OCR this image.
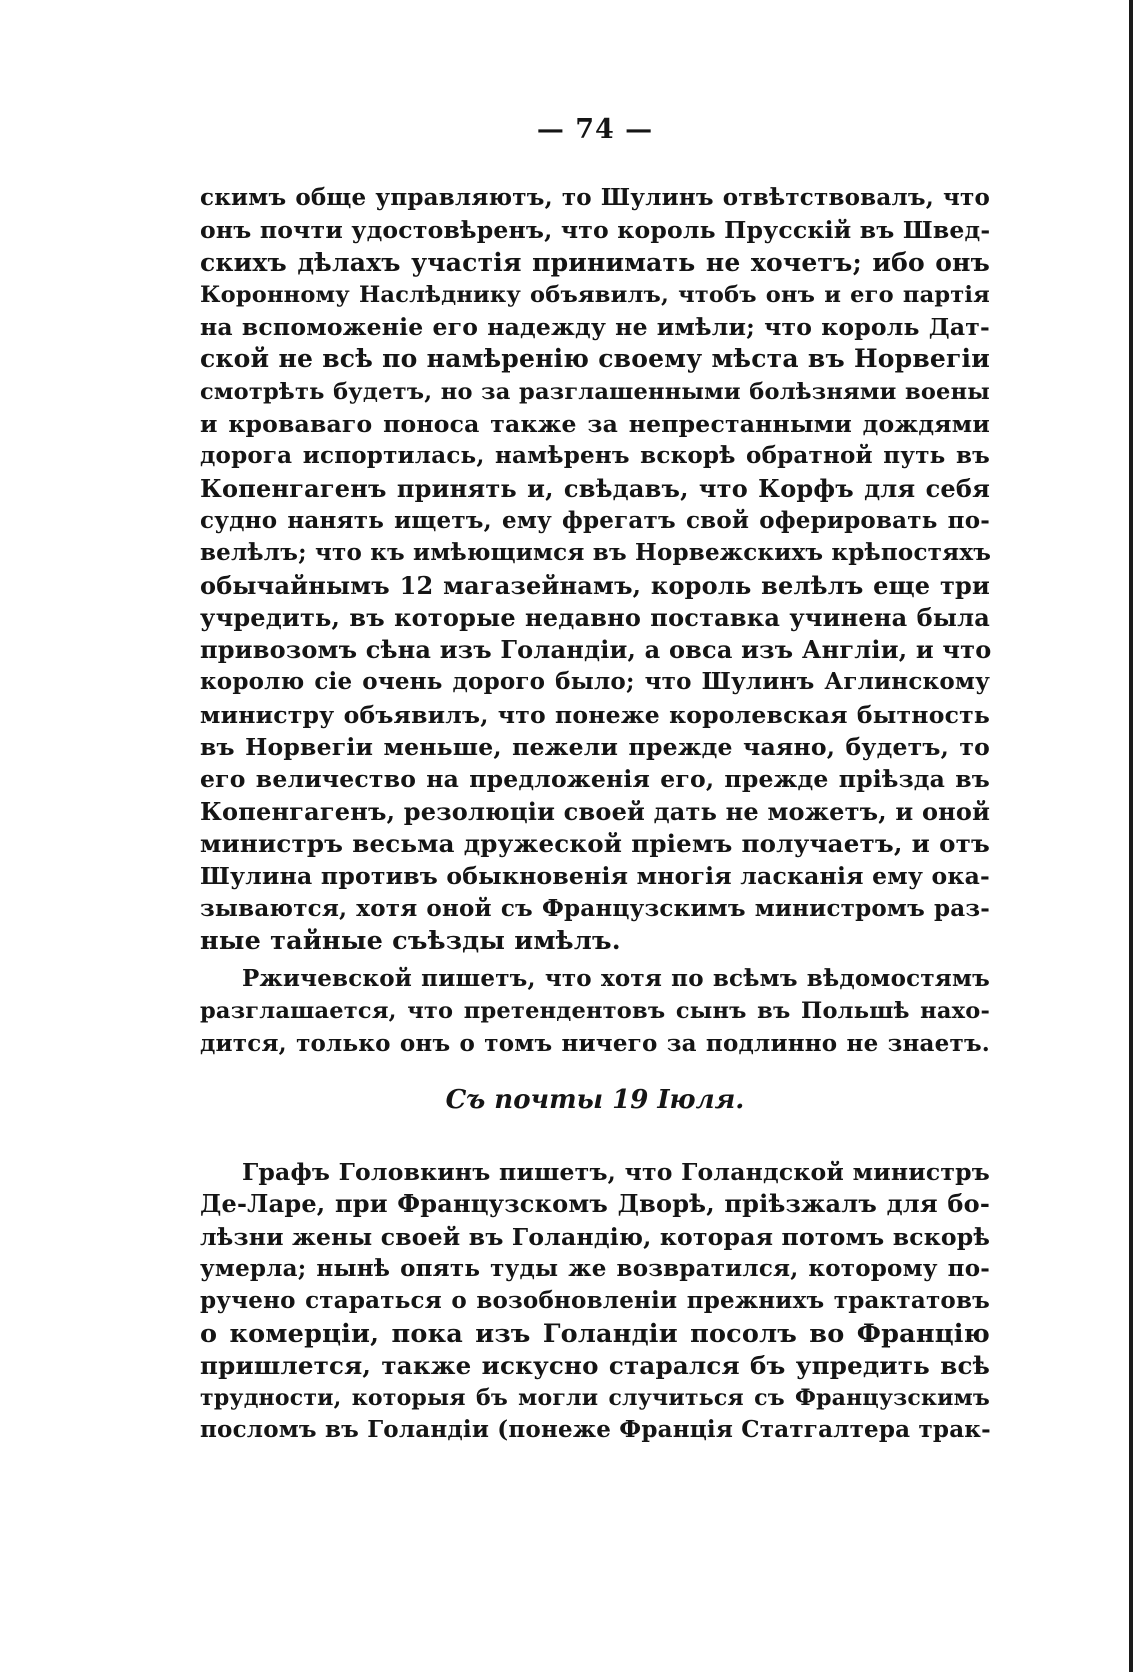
— 74 —
скимъ обще управляютъ, то Шулинъ отвѣтствовалъ, что
онъ почти удостовѣренъ, что король Прусскій въ Швед-
скихъ дѣлахъ участія принимать не хочетъ; ибо онъ
Коронному Наслѣднику объявилъ, чтобъ онъ и его партія
на вспоможеніе его надежду не имѣли; что король Дат-
ской не всѣ по намѣренію своему мѣста въ Норвегіи
смотрѣть будетъ, но за разглашенными болѣзнями воены
и кроваваго поноса также за непрестанными дождями
дорога испортилась, намѣренъ вскорѣ обратной путь въ
Копенгагенъ принять и, свѣдавъ, что Корфъ для себя
судно нанять ищетъ, ему фрегатъ свой оферировать по-
велѣлъ; что къ имѣющимся въ Норвежскихъ крѣпостяхъ
обычайнымъ 12 магазейнамъ, король велѣлъ еще три
учредить, въ которые недавно поставка учинена была
привозомъ сѣна изъ Голандіи, а овса изъ Англіи, и что
королю сіе очень дорого было; что Шулинъ Аглинскому
министру объявилъ, что понеже королевская бытность
въ Норвегіи меньше, пежели прежде чаяно, будетъ, то
его величество на предложенія его, прежде пріѣзда въ
Копенгагенъ, резолюціи своей дать не можетъ, и оной
министръ весьма дружеской пріемъ получаетъ, и отъ
Шулина противъ обыкновенія многія ласканія ему ока-
зываются, хотя оной съ Французскимъ министромъ раз-
ные тайные съѣзды имѣлъ.
Ржичевской пишетъ, что хотя по всѣмъ вѣдомостямъ
разглашается, что претендентовъ сынъ въ Польшѣ нахо-
дится, только онъ о томъ ничего за подлинно не знаетъ.
Съ почты 19 Іюля.
Графъ Головкинъ пишетъ, что Голандской министръ
Де-Ларе, при Французскомъ Дворѣ, пріѣзжалъ для бо-
лѣзни жены своей въ Голандію, которая потомъ вскорѣ
умерла; нынѣ опять туды же возвратился, которому по-
ручено стараться о возобновленіи прежнихъ трактатовъ
о комерціи, пока изъ Голандіи посолъ во Францію
пришлется, также искусно старался бъ упредить всѣ
трудности, которыя бъ могли случиться съ Французскимъ
посломъ въ Голандіи (понеже Франція Статгалтера трак-
